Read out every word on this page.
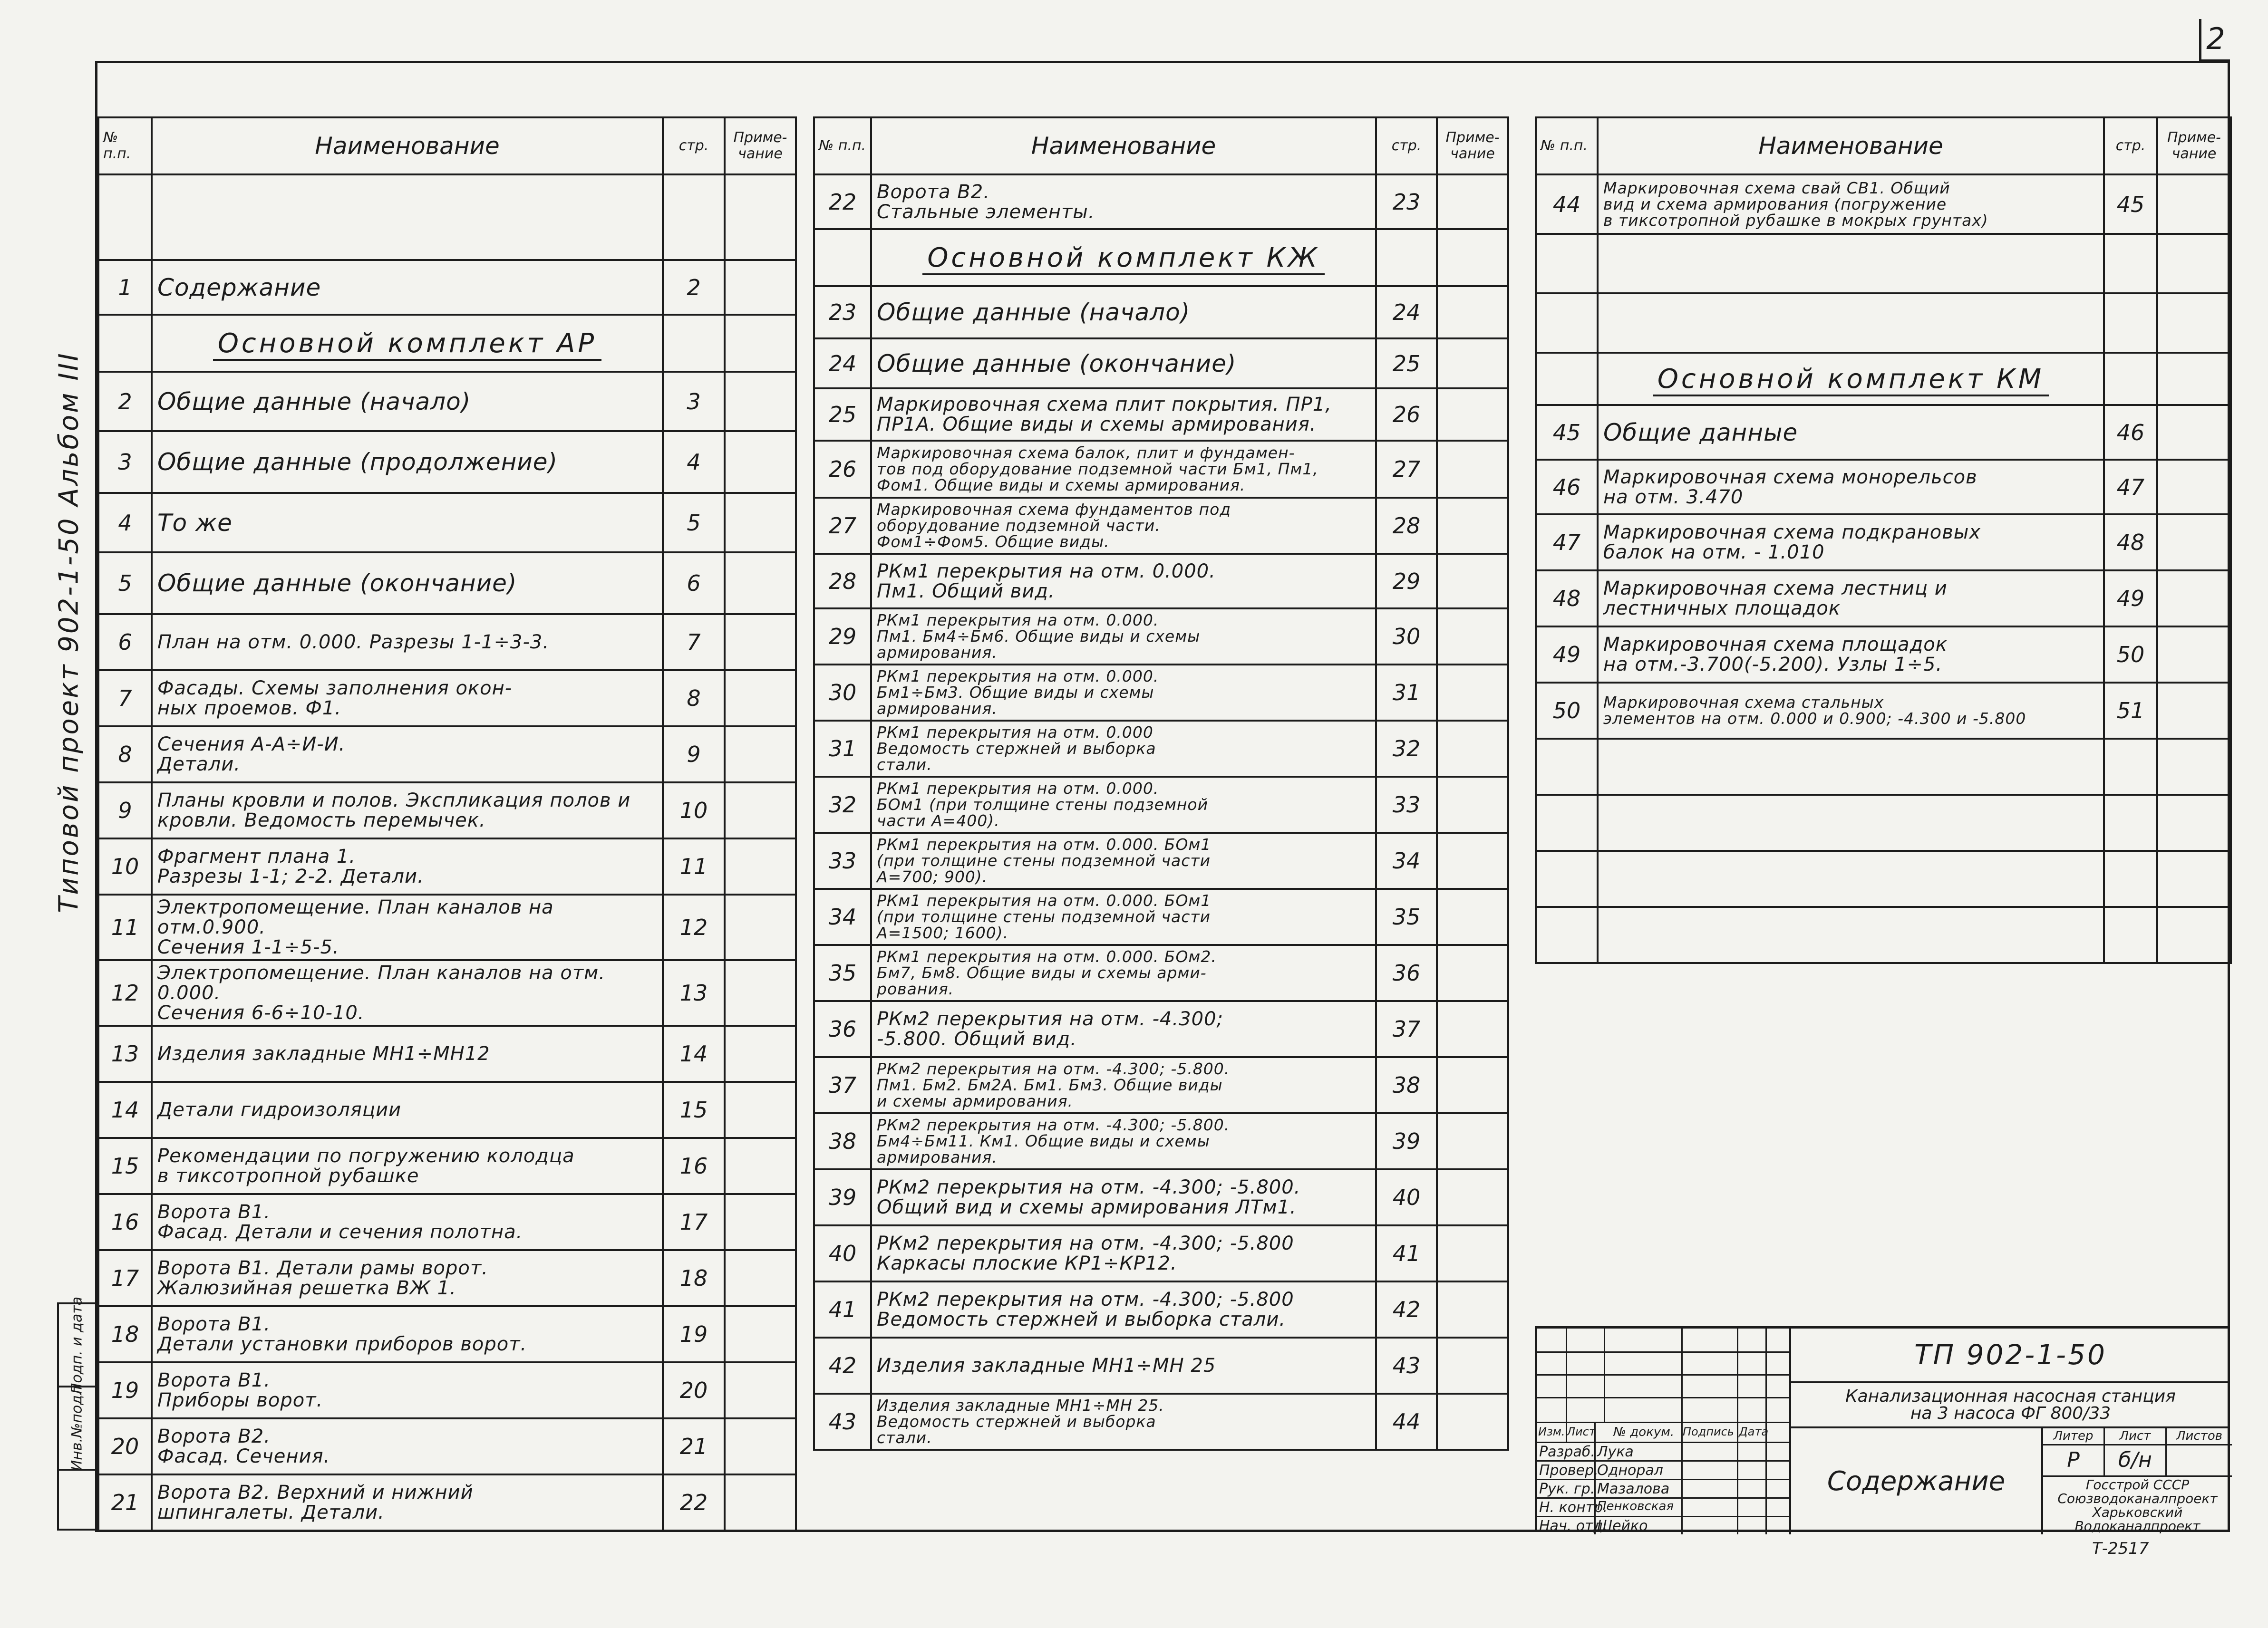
2
Типовой проект 902-1-50 Альбом III
Подп. и дата
Инв.№подл
№ п.п.	Наименование	стр.	Приме-чание

1	Содержание	2	
	Основной комплект АР		
2	Общие данные (начало)	3	
3	Общие данные (продолжение)	4	
4	То же	5	
5	Общие данные (окончание)	6	
6	План на отм. 0.000. Разрезы 1-1÷3-3.	7	
7	Фасады. Схемы заполнения окон-
ных проемов. Ф1.	8	
8	Сечения А-А÷И-И.
Детали.	9	
9	Планы кровли и полов. Экспликация полов и
кровли. Ведомость перемычек.	10	
10	Фрагмент плана 1.
Разрезы 1-1; 2-2. Детали.	11	
11	Электропомещение. План каналов на отм.0.900.
Сечения 1-1÷5-5.	12	
12	Электропомещение. План каналов на отм. 0.000.
Сечения 6-6÷10-10.	13	
13	Изделия закладные МН1÷МН12	14	
14	Детали гидроизоляции	15	
15	Рекомендации по погружению колодца
в тиксотропной рубашке	16	
16	Ворота В1.
Фасад. Детали и сечения полотна.	17	
17	Ворота В1. Детали рамы ворот.
Жалюзийная решетка ВЖ 1.	18	
18	Ворота В1.
Детали установки приборов ворот.	19	
19	Ворота В1.
Приборы ворот.	20	
20	Ворота В2.
Фасад. Сечения.	21	
21	Ворота В2. Верхний и нижний
шпингалеты. Детали.	22	
№ п.п.	Наименование	стр.	Приме-чание
22	Ворота В2.
Стальные элементы.	23	
	Основной комплект КЖ		
23	Общие данные (начало)	24	
24	Общие данные (окончание)	25	
25	Маркировочная схема плит покрытия. ПР1,
ПР1А. Общие виды и схемы армирования.	26	
26	Маркировочная схема балок, плит и фундамен-
тов под оборудование подземной части Бм1, Пм1,
Фом1. Общие виды и схемы армирования.	27	
27	Маркировочная схема фундаментов под
оборудование подземной части.
Фом1÷Фом5. Общие виды.	28	
28	РКм1 перекрытия на отм. 0.000.
Пм1. Общий вид.	29	
29	РКм1 перекрытия на отм. 0.000.
Пм1. Бм4÷Бм6. Общие виды и схемы
армирования.	30	
30	РКм1 перекрытия на отм. 0.000.
Бм1÷Бм3. Общие виды и схемы
армирования.	31	
31	РКм1 перекрытия на отм. 0.000
Ведомость стержней и выборка
стали.	32	
32	РКм1 перекрытия на отм. 0.000.
БОм1 (при толщине стены подземной
части А=400).	33	
33	РКм1 перекрытия на отм. 0.000. БОм1
(при толщине стены подземной части
А=700; 900).	34	
34	РКм1 перекрытия на отм. 0.000. БОм1
(при толщине стены подземной части
А=1500; 1600).	35	
35	РКм1 перекрытия на отм. 0.000. БОм2.
Бм7, Бм8. Общие виды и схемы арми-
рования.	36	
36	РКм2 перекрытия на отм. -4.300;
-5.800. Общий вид.	37	
37	РКм2 перекрытия на отм. -4.300; -5.800.
Пм1. Бм2. Бм2А. Бм1. Бм3. Общие виды
и схемы армирования.	38	
38	РКм2 перекрытия на отм. -4.300; -5.800.
Бм4÷Бм11. Км1. Общие виды и схемы
армирования.	39	
39	РКм2 перекрытия на отм. -4.300; -5.800.
Общий вид и схемы армирования ЛТм1.	40	
40	РКм2 перекрытия на отм. -4.300; -5.800
Каркасы плоские КР1÷КР12.	41	
41	РКм2 перекрытия на отм. -4.300; -5.800
Ведомость стержней и выборка стали.	42	
42	Изделия закладные МН1÷МН 25	43	
43	Изделия закладные МН1÷МН 25.
Ведомость стержней и выборка
стали.	44	
№ п.п.	Наименование	стр.	Приме-чание
44	Маркировочная схема свай СВ1. Общий
вид и схема армирования (погружение
в тиксотропной рубашке в мокрых грунтах)	45	

	Основной комплект КМ		
45	Общие данные	46	
46	Маркировочная схема монорельсов
на отм. 3.470	47	
47	Маркировочная схема подкрановых
балок на отм. - 1.010	48	
48	Маркировочная схема лестниц и
лестничных площадок	49	
49	Маркировочная схема площадок
на отм.-3.700(-5.200). Узлы 1÷5.	50	
50	Маркировочная схема стальных
элементов на отм. 0.000 и 0.900; -4.300 и -5.800	51	

Изм. Лист № докум. Подпись Дата
Разраб. Лука
Провер.
Однорал
Рук. гр. Мазалова
Н. контр.
Пенковская
Нач. отд.
Шейко
ТП 902-1-50
Канализационная насосная станция
на 3 насоса ФГ 800/33
Содержание
Литер	Лист	Листов
Р	б/н
Госстрой СССР
Союзводоканалпроект
Харьковский
Водоканалпроект
Т-2517
